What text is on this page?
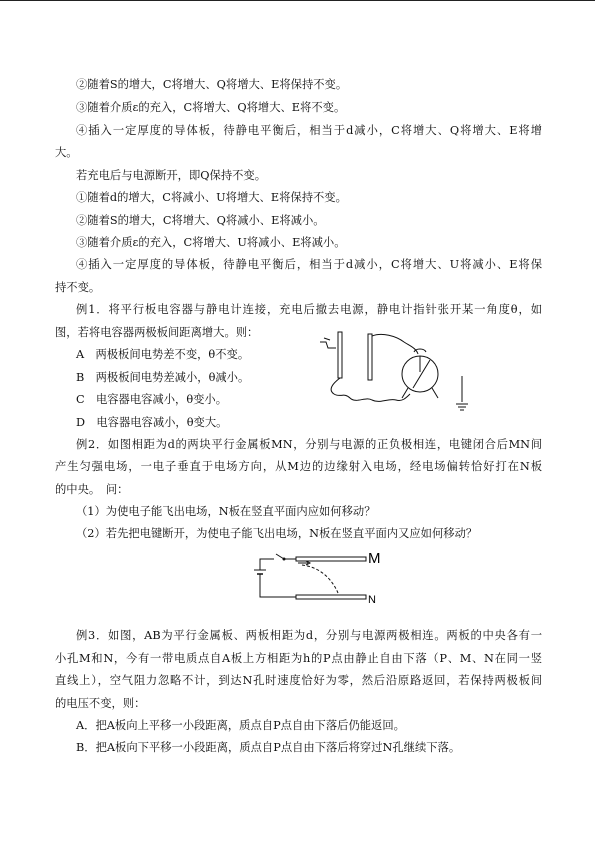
②随着S的增大，C将增大、Q将增大、E将保持不变。
③随着介质ε的充入，C将增大、Q将增大、E将不变。
④插入一定厚度的导体板，待静电平衡后，相当于d减小，C将增大、Q将增大、E将增
大。
若充电后与电源断开，即Q保持不变。
①随着d的增大，C将减小、U将增大、E将保持不变。
②随着S的增大，C将增大、Q将减小、E将减小。
③随着介质ε的充入，C将增大、U将减小、E将减小。
④插入一定厚度的导体板，待静电平衡后，相当于d减小，C将增大、U将减小、E将保
持不变。
例1．将平行板电容器与静电计连接，充电后撤去电源，静电计指针张开某一角度θ，如
图，若将电容器两极板间距离增大。则：
A　两极板间电势差不变，θ不变。
B　两极板间电势差减小，θ减小。
C　电容器电容减小，θ变小。
D　电容器电容减小，θ变大。
例2．如图相距为d的两块平行金属板MN，分别与电源的正负极相连，电键闭合后MN间
产生匀强电场，一电子垂直于电场方向，从M边的边缘射入电场，经电场偏转恰好打在N板
的中央。　问：
（1）为使电子能飞出电场，N板在竖直平面内应如何移动？
（2）若先把电键断开，为使电子能飞出电场，N板在竖直平面内又应如何移动？
M
N
例3．如图，AB为平行金属板、两板相距为d，分别与电源两极相连。两板的中央各有一
小孔M和N，今有一带电质点自A板上方相距为h的P点由静止自由下落（P、M、N在同一竖
直线上），空气阻力忽略不计，到达N孔时速度恰好为零，然后沿原路返回，若保持两极板间
的电压不变，则：
A．把A板向上平移一小段距离，质点自P点自由下落后仍能返回。
B．把A板向下平移一小段距离，质点自P点自由下落后将穿过N孔继续下落。
